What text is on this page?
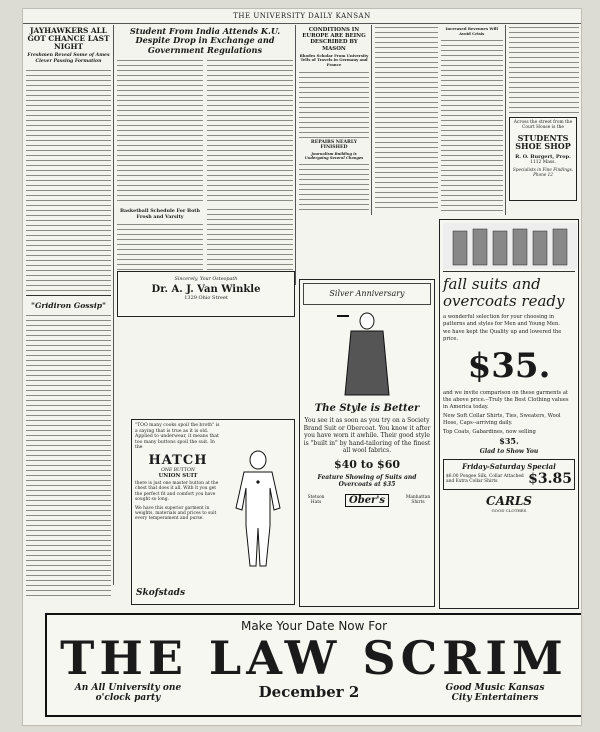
THE UNIVERSITY DAILY KANSAN
JAYHAWKERS ALL GOT CHANCE LAST NIGHT
Freshmen Reveal Some of Ames Clever Passing Formation
"Gridiron Gossip"
Student From India Attends K.U. Despite Drop in Exchange and Government Regulations
Basketball Schedule For Both Frosh and Varsity
CONDITIONS IN EUROPE ARE BEING DESCRIBED BY MASON
Rhodes Scholar From University Tells of Travels in Germany and France
REPAIRS NEARLY FINISHED
Journalism Building is Undergoing Several Changes
Increased Revenues Will Avoid Crisis
Across the street from the Court House is the
STUDENTS SHOE SHOP
R. O. Burgert, Prop.
1112 Mass.
Specialists in Fine Findings. Phone 12
Sincerely, Your Osteopath
Dr. A. J. Van Winkle
1329 Ohio Street
"TOO many cooks spoil the broth" is a saying that is true as it is old. Applied to underwear, it means that too many buttons spoil the suit. In the
HATCH
ONE BUTTON
UNION SUIT
there is just one master button at the chest that does it all. With it you get the perfect fit and comfort you have sought so long.
We have this superior garment in weights, materials and prices to suit every temperament and purse.
Skofstads
Silver Anniversary
The Style is Better
You see it as soon as you try on a Society Brand Suit or Obercoat. You know it after you have worn it awhile. Their good style is "built in" by hand-tailoring of the finest all wool fabrics.
$40 to $60
Feature Showing of Suits and Overcoats at $35
Stetson Hats	Ober's	Manhattan Shirts
fall suits and overcoats ready
a wonderful selection for your choosing in patterns and styles for Men and Young Men.
we have kept the Quality up and lowered the price.
$35.
and we invite comparison on these garments at the above price.--Truly the Best Clothing values in America today.
New Soft Collar Shirts, Ties, Sweaters, Wool Hose, Caps--arriving daily.
Top Coats, Gabardines, now selling
$35.
Glad to Show You
Friday-Saturday Special
$6.00 Pongee Silk, Collar Attached and Extra Collar Shirts	$3.85
CARLS
GOOD CLOTHES
Make Your Date Now For
THE LAW SCRIM
An All University one o'clock party	December 2	Good Music Kansas City Entertainers
